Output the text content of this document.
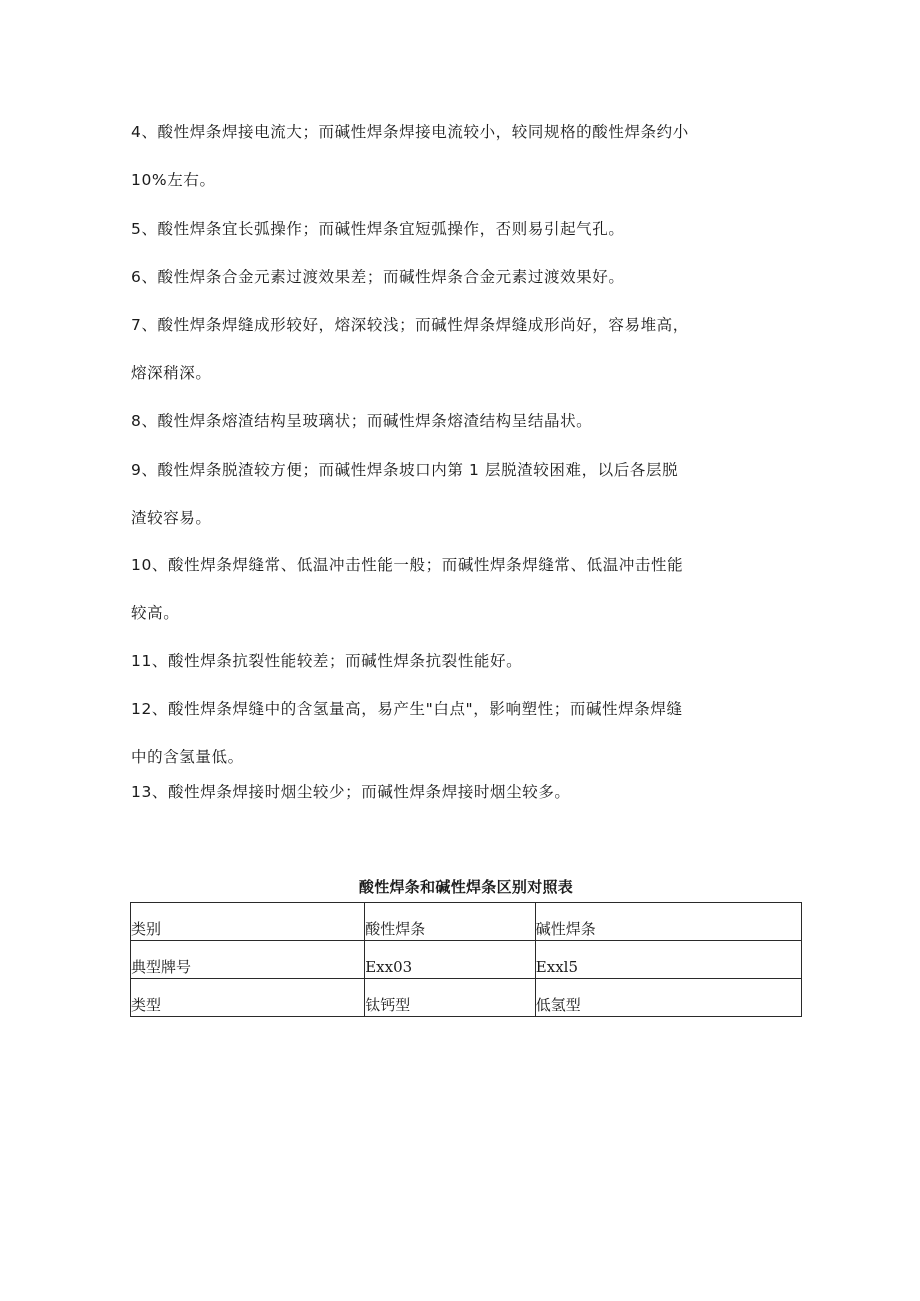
4、酸性焊条焊接电流大；而碱性焊条焊接电流较小，较同规格的酸性焊条约小 10%左右。

5、酸性焊条宜长弧操作；而碱性焊条宜短弧操作，否则易引起气孔。

6、酸性焊条合金元素过渡效果差；而碱性焊条合金元素过渡效果好。

7、酸性焊条焊缝成形较好，熔深较浅；而碱性焊条焊缝成形尚好，容易堆高，熔深稍深。

8、酸性焊条熔渣结构呈玻璃状；而碱性焊条熔渣结构呈结晶状。

9、酸性焊条脱渣较方便；而碱性焊条坡口内第 1 层脱渣较困难，以后各层脱渣较容易。

10、酸性焊条焊缝常、低温冲击性能一般；而碱性焊条焊缝常、低温冲击性能较高。

11、酸性焊条抗裂性能较差；而碱性焊条抗裂性能好。

12、酸性焊条焊缝中的含氢量高，易产生"白点"，影响塑性；而碱性焊条焊缝中的含氢量低。

13、酸性焊条焊接时烟尘较少；而碱性焊条焊接时烟尘较多。

酸性焊条和碱性焊条区别对照表

类别	酸性焊条	碱性焊条
典型牌号	Exx03	Exxl5
类型	钛钙型	低氢型
